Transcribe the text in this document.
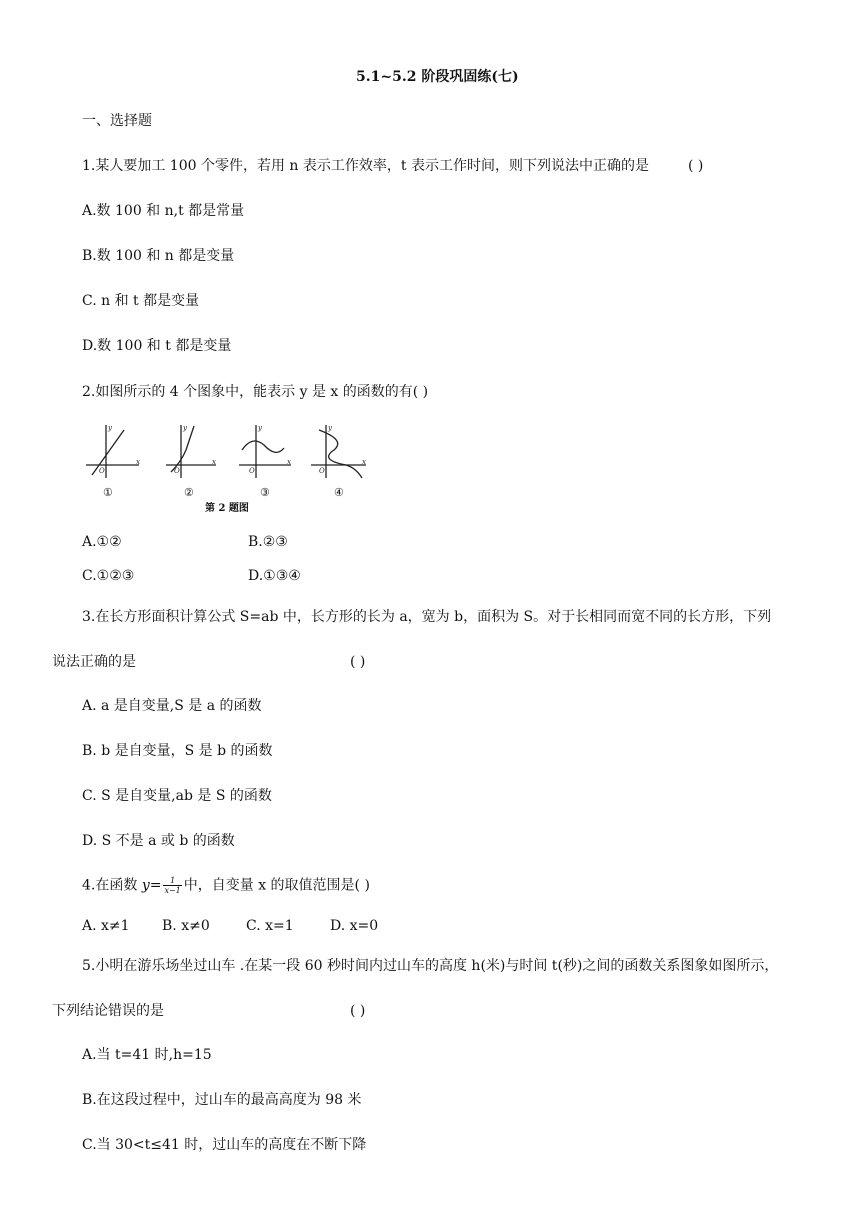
5.1~5.2 阶段巩固练(七)
一、选择题
1.某人要加工 100 个零件，若用 n 表示工作效率，t 表示工作时间，则下列说法中正确的是	( )
A.数 100 和 n,t 都是常量
B.数 100 和 n 都是变量
C. n 和 t 都是变量
D.数 100 和 t 都是变量
2.如图所示的 4 个图象中，能表示 y 是 x 的函数的有( )
y
x
O
y
x
O
y
x
O
y
x
O
①	②	③	④
第 2 题图
A.①②	B.②③
C.①②③	D.①③④
3.在长方形面积计算公式 S=ab 中，长方形的长为 a，宽为 b，面积为 S。对于长相同而宽不同的长方形，下列
说法正确的是	( )
A. a 是自变量,S 是 a 的函数
B. b 是自变量，S 是 b 的函数
C. S 是自变量,ab 是 S 的函数
D. S 不是 a 或 b 的函数
4.在函数 $y= \frac{1}{x-1}$ 中，自变量 x 的取值范围是( )
A. x≠1 B. x≠0	C. x=1	D. x=0
5.小明在游乐场坐过山车 .在某一段 60 秒时间内过山车的高度 h(米)与时间 t(秒)之间的函数关系图象如图所示，
下列结论错误的是	( )
A.当 t=41 时,h=15
B.在这段过程中，过山车的最高高度为 98 米
C.当 30<t≤41 时，过山车的高度在不断下降
